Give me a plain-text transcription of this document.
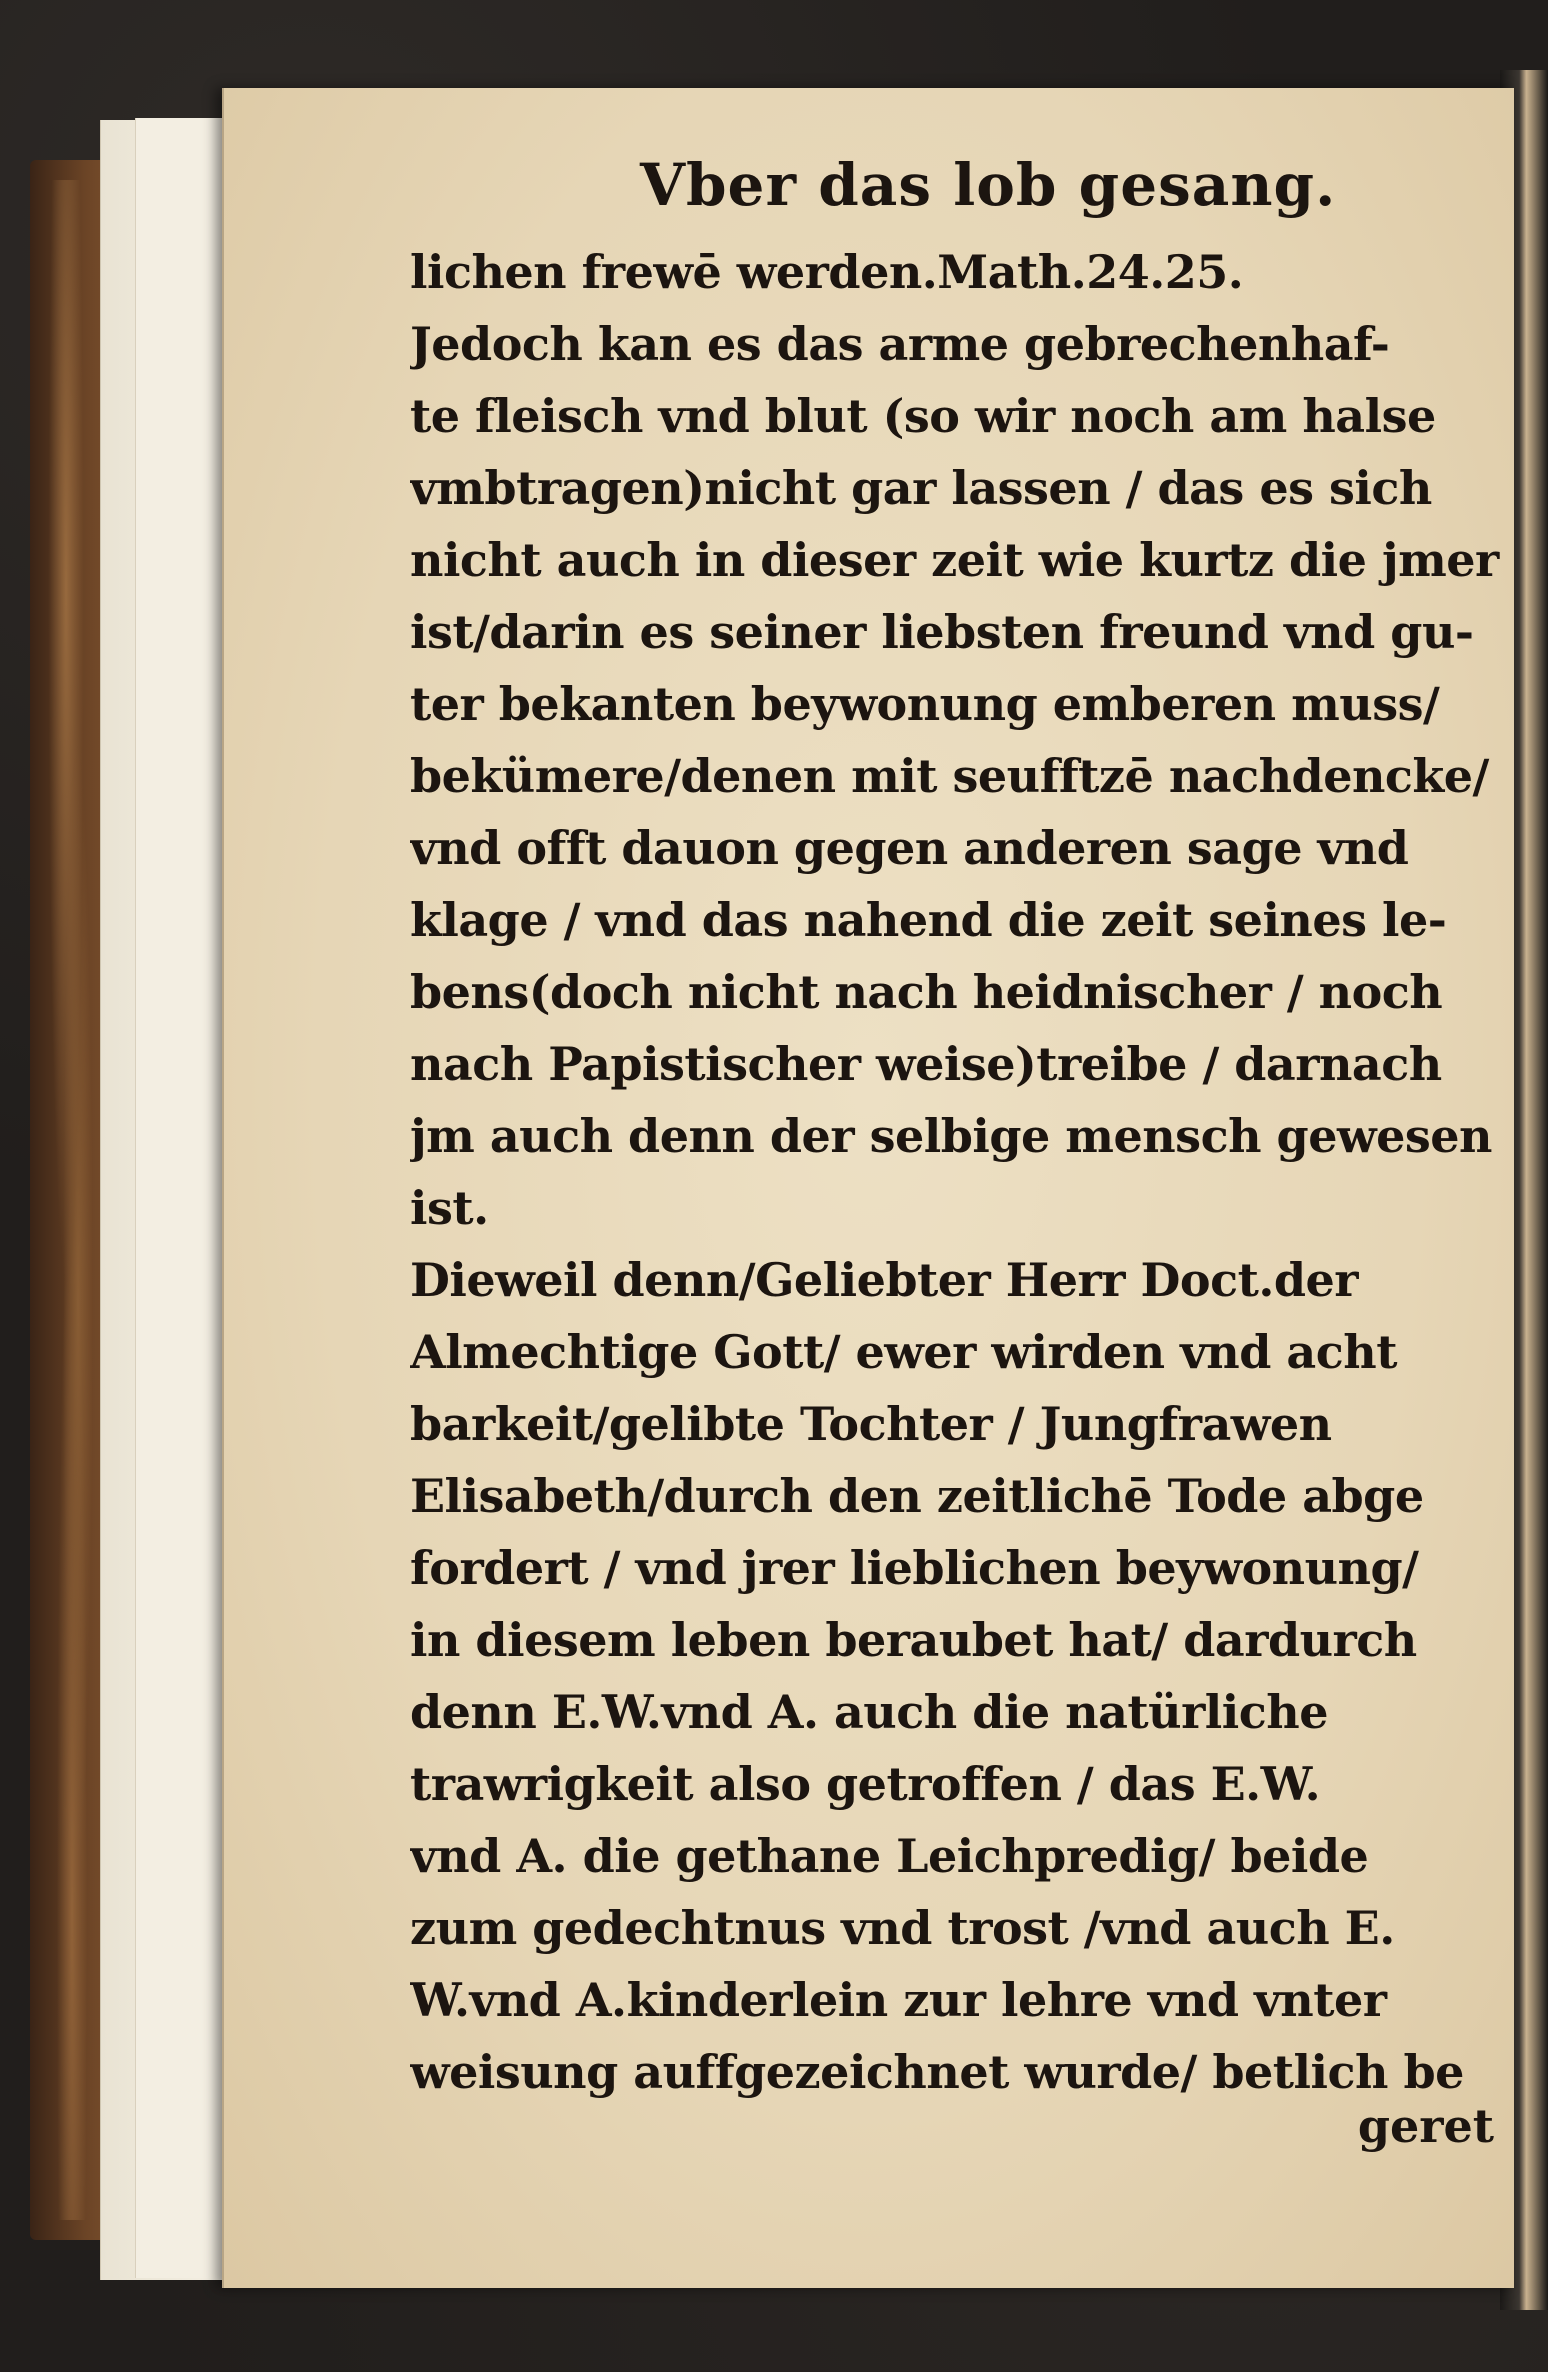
Vber das lob gesang.
lichen frewē werden.Math.24.25.
Jedoch kan es das arme gebrechenhaf-
te fleisch vnd blut (so wir noch am halse
vmbtragen)nicht gar lassen / das es sich
nicht auch in dieser zeit wie kurtz die jmer
ist/darin es seiner liebsten freund vnd gu-
ter bekanten beywonung emberen muss/
bekümere/denen mit seufftzē nachdencke/
vnd offt dauon gegen anderen sage vnd
klage / vnd das nahend die zeit seines le-
bens(doch nicht nach heidnischer / noch
nach Papistischer weise)treibe / darnach
jm auch denn der selbige mensch gewesen
ist.
Dieweil denn/Geliebter Herr Doct.der
Almechtige Gott/ ewer wirden vnd acht
barkeit/gelibte Tochter / Jungfrawen
Elisabeth/durch den zeitlichē Tode abge
fordert / vnd jrer lieblichen beywonung/
in diesem leben beraubet hat/ dardurch
denn E.W.vnd A. auch die natürliche
trawrigkeit also getroffen / das E.W.
vnd A. die gethane Leichpredig/ beide
zum gedechtnus vnd trost /vnd auch E.
W.vnd A.kinderlein zur lehre vnd vnter
weisung auffgezeichnet wurde/ betlich be
geret
